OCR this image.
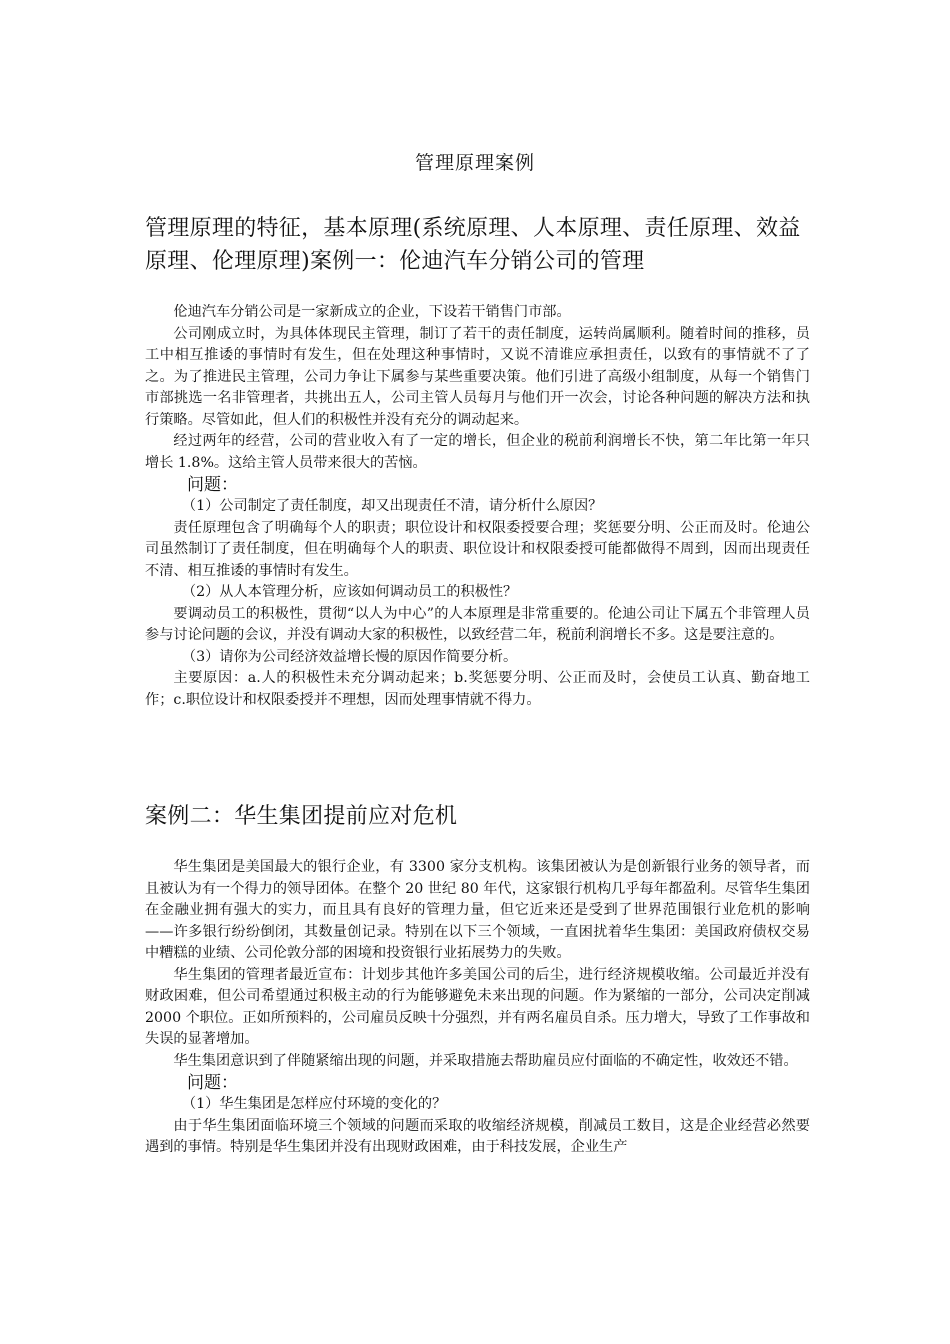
管理原理案例
管理原理的特征，基本原理(系统原理、人本原理、责任原理、效益原理、伦理原理)案例一：伦迪汽车分销公司的管理

伦迪汽车分销公司是一家新成立的企业，下设若干销售门市部。

公司刚成立时，为具体体现民主管理，制订了若干的责任制度，运转尚属顺利。随着时间的推移，员工中相互推诿的事情时有发生，但在处理这种事情时，又说不清谁应承担责任，以致有的事情就不了了之。为了推进民主管理，公司力争让下属参与某些重要决策。他们引进了高级小组制度，从每一个销售门市部挑选一名非管理者，共挑出五人，公司主管人员每月与他们开一次会，讨论各种问题的解决方法和执行策略。尽管如此，但人们的积极性并没有充分的调动起来。

经过两年的经营，公司的营业收入有了一定的增长，但企业的税前利润增长不快，第二年比第一年只增长 1.8%。这给主管人员带来很大的苦恼。

问题：

（1）公司制定了责任制度，却又出现责任不清，请分析什么原因？

责任原理包含了明确每个人的职责；职位设计和权限委授要合理；奖惩要分明、公正而及时。伦迪公司虽然制订了责任制度，但在明确每个人的职责、职位设计和权限委授可能都做得不周到，因而出现责任不清、相互推诿的事情时有发生。

（2）从人本管理分析，应该如何调动员工的积极性？

要调动员工的积极性，贯彻“以人为中心”的人本原理是非常重要的。伦迪公司让下属五个非管理人员参与讨论问题的会议，并没有调动大家的积极性，以致经营二年，税前利润增长不多。这是要注意的。

（3）请你为公司经济效益增长慢的原因作简要分析。

主要原因：a.人的积极性未充分调动起来；b.奖惩要分明、公正而及时，会使员工认真、勤奋地工作；c.职位设计和权限委授并不理想，因而处理事情就不得力。

案例二：华生集团提前应对危机

华生集团是美国最大的银行企业，有 3300 家分支机构。该集团被认为是创新银行业务的领导者，而且被认为有一个得力的领导团体。在整个 20 世纪 80 年代，这家银行机构几乎每年都盈利。尽管华生集团在金融业拥有强大的实力，而且具有良好的管理力量，但它近来还是受到了世界范围银行业危机的影响——许多银行纷纷倒闭，其数量创记录。特别在以下三个领域，一直困扰着华生集团：美国政府债权交易中糟糕的业绩、公司伦敦分部的困境和投资银行业拓展势力的失败。

华生集团的管理者最近宣布：计划步其他许多美国公司的后尘，进行经济规模收缩。公司最近并没有财政困难，但公司希望通过积极主动的行为能够避免未来出现的问题。作为紧缩的一部分，公司决定削减 2000 个职位。正如所预料的，公司雇员反映十分强烈，并有两名雇员自杀。压力增大，导致了工作事故和失误的显著增加。

华生集团意识到了伴随紧缩出现的问题，并采取措施去帮助雇员应付面临的不确定性，收效还不错。

问题：

（1）华生集团是怎样应付环境的变化的？

由于华生集团面临环境三个领域的问题而采取的收缩经济规模，削减员工数目，这是企业经营必然要遇到的事情。特别是华生集团并没有出现财政困难，由于科技发展，企业生产
